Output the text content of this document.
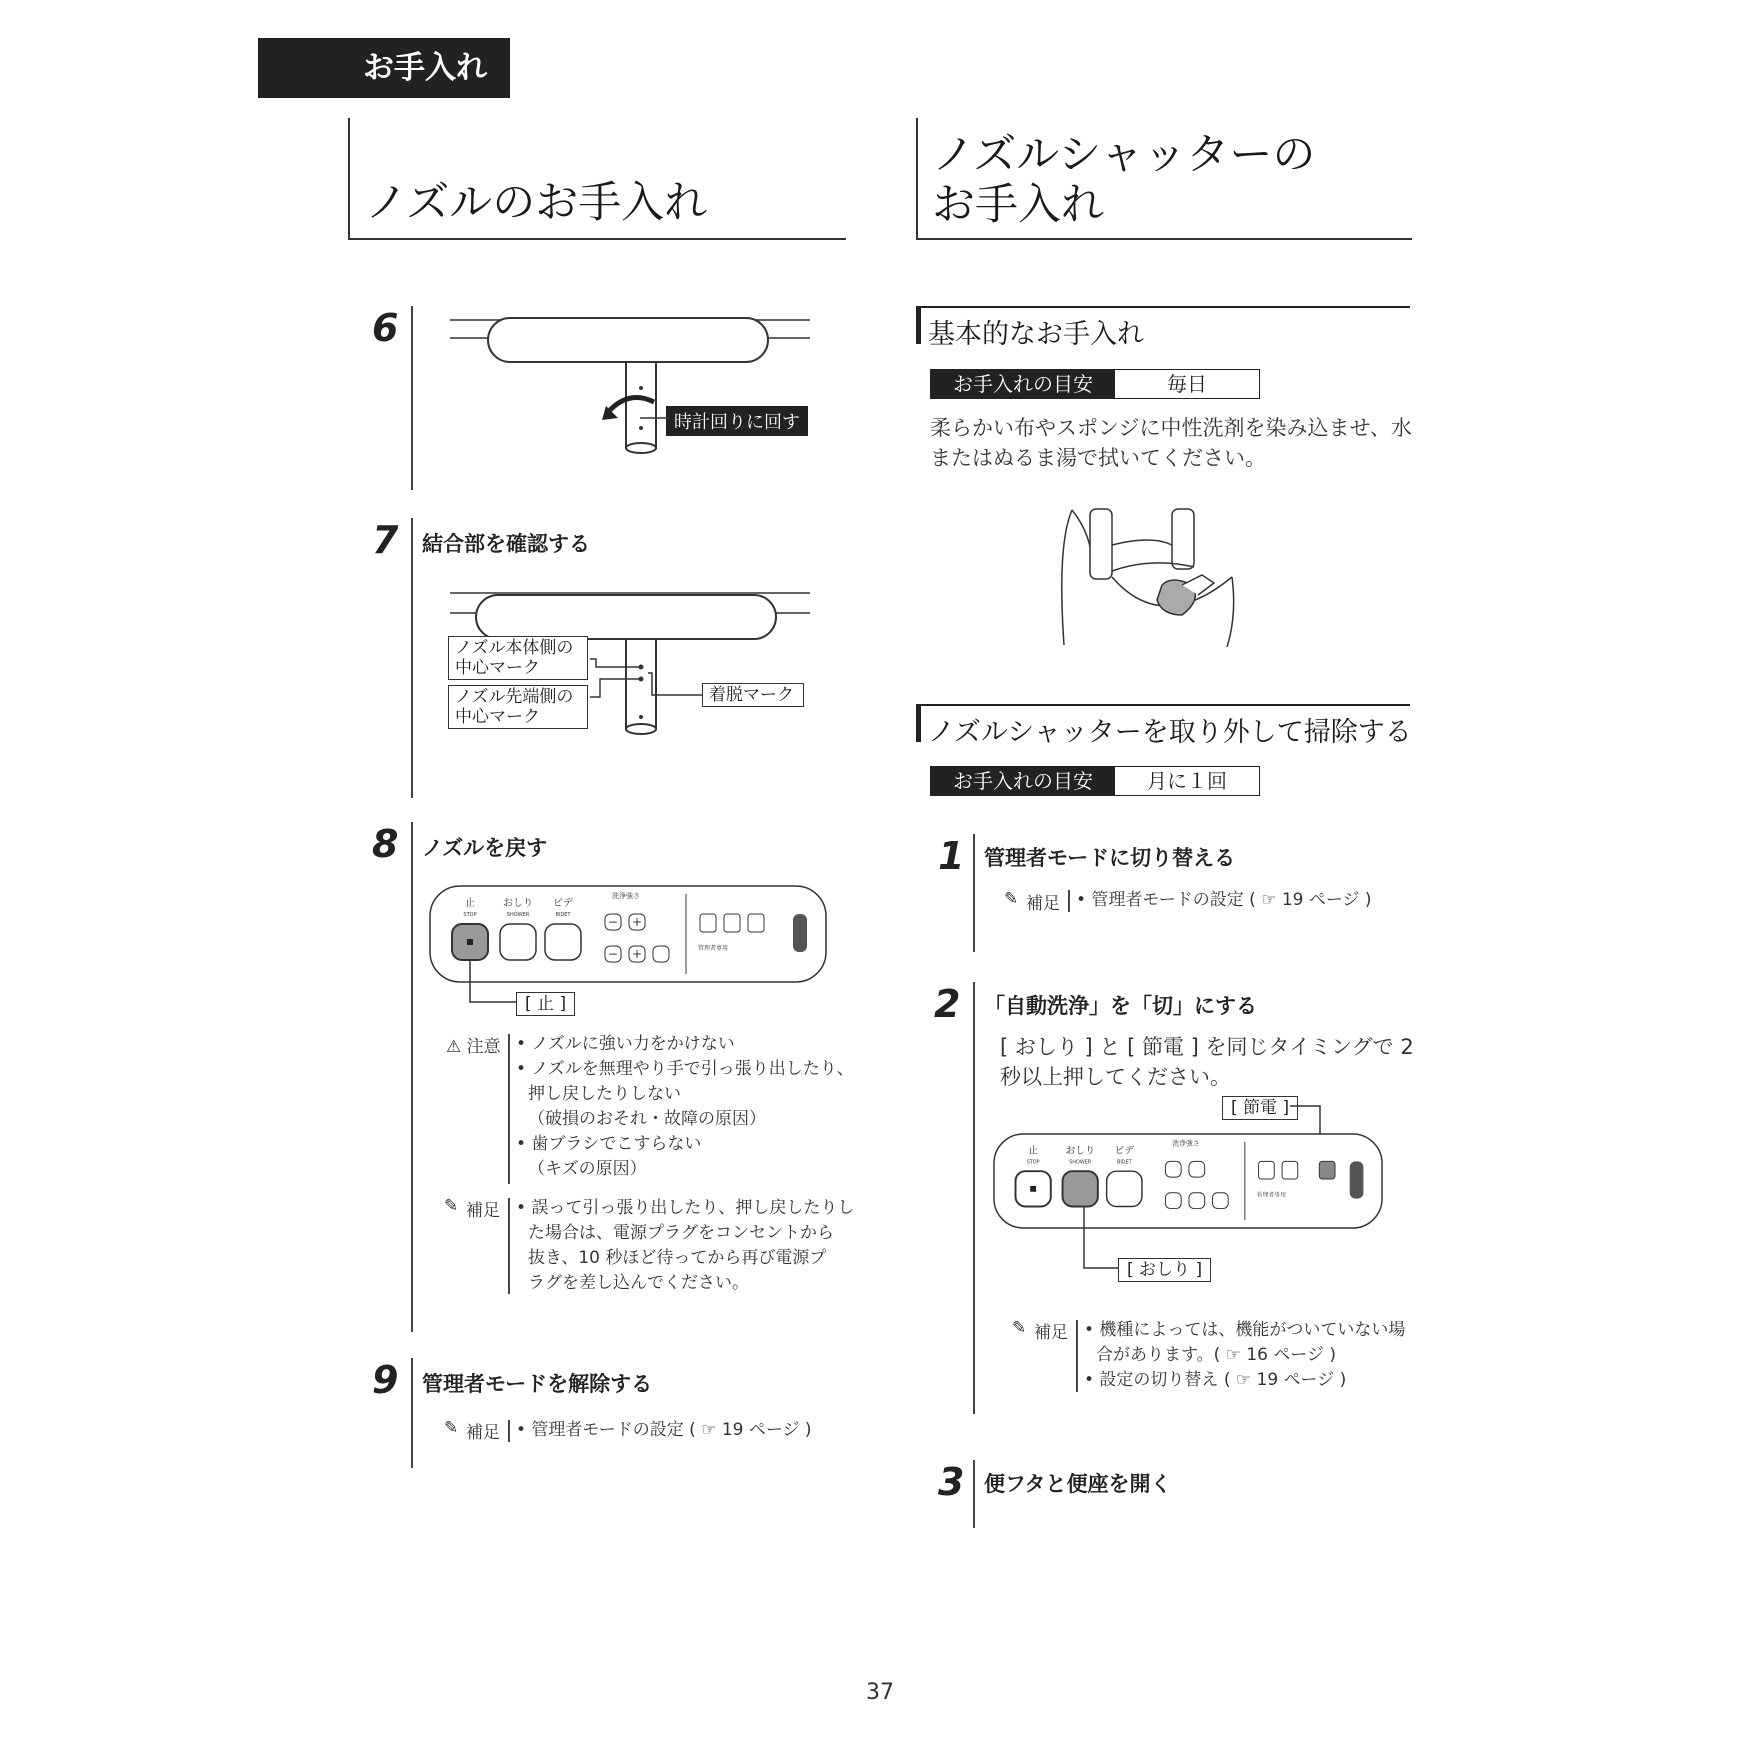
お手入れ
ノズルのお手入れ
6
時計回りに回す
7 結合部を確認する
ノズル本体側の
中心マーク
ノズル先端側の
中心マーク
着脱マーク
8 ノズルを戻す
止
STOP
おしり
SHOWER
ビデ
BIDET
洗浄強さ
− +
− +	管理者専用
[ 止 ]
⚠ 注意 • ノズルに強い力をかけない
• ノズルを無理やり手で引っ張り出したり、
押し戻したりしない
（破損のおそれ・故障の原因）
• 歯ブラシでこすらない
（キズの原因）
✎ 補足 • 誤って引っ張り出したり、押し戻したりし
た場合は、電源プラグをコンセントから
抜き、10 秒ほど待ってから再び電源プ
ラグを差し込んでください。
9 管理者モードを解除する
✎ 補足 • 管理者モードの設定 ( ☞ 19 ページ )
ノズルシャッターの
お手入れ
基本的なお手入れ
お手入れの目安	毎日
柔らかい布やスポンジに中性洗剤を染み込ませ、水
またはぬるま湯で拭いてください。
ノズルシャッターを取り外して掃除する
お手入れの目安	月に１回
1 管理者モードに切り替える
✎ 補足 • 管理者モードの設定 ( ☞ 19 ページ )
2 「自動洗浄」を「切」にする
[ おしり ] と [ 節電 ] を同じタイミングで 2
秒以上押してください。
[ 節電 ]
止
STOP
おしり
SHOWER
ビデ
BIDET
洗浄強さ
管理者専用
[ おしり ]
✎ 補足 • 機種によっては、機能がついていない場
合があります。( ☞ 16 ページ )
• 設定の切り替え ( ☞ 19 ページ )
3 便フタと便座を開く
37
